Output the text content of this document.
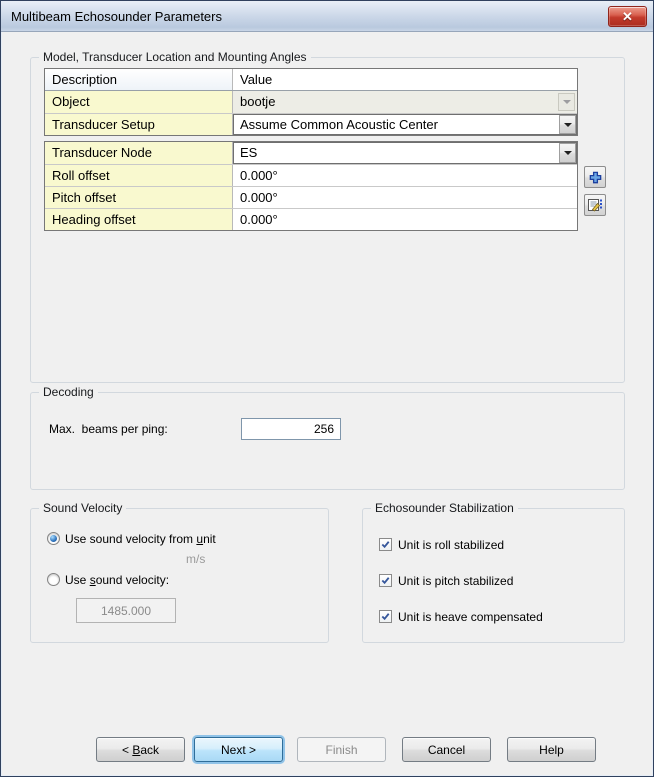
Multibeam Echosounder Parameters	✕
Model, Transducer Location and Mounting Angles
Description	Value
Object	bootje
Transducer Setup	Assume Common Acoustic Center
Transducer Node	ES
Roll offset	0.000°
Pitch offset	0.000°
Heading offset	0.000°
Decoding
Max.  beams per ping:
256
Sound Velocity
Use sound velocity from unit
m/s
Use sound velocity:
1485.000
Echosounder Stabilization
Unit is roll stabilized
Unit is pitch stabilized
Unit is heave compensated
< Back	Next >	Finish	Cancel	Help
